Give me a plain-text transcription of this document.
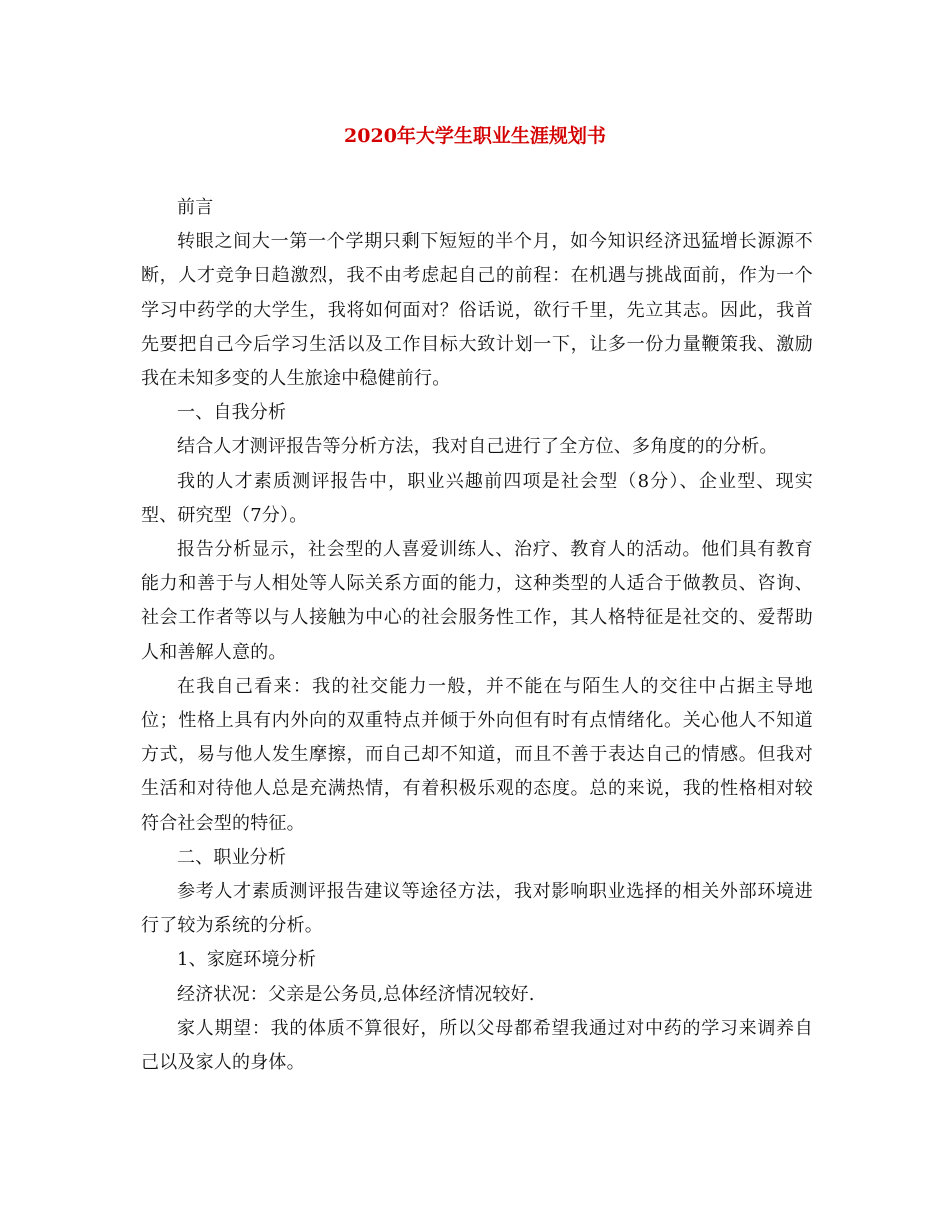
2020年大学生职业生涯规划书

前言

转眼之间大一第一个学期只剩下短短的半个月，如今知识经济迅猛增长源源不断，人才竞争日趋激烈，我不由考虑起自己的前程：在机遇与挑战面前，作为一个学习中药学的大学生，我将如何面对？俗话说，欲行千里，先立其志。因此，我首先要把自己今后学习生活以及工作目标大致计划一下，让多一份力量鞭策我、激励我在未知多变的人生旅途中稳健前行。

一、自我分析

结合人才测评报告等分析方法，我对自己进行了全方位、多角度的的分析。

我的人才素质测评报告中，职业兴趣前四项是社会型（8分）、企业型、现实型、研究型（7分）。

报告分析显示，社会型的人喜爱训练人、治疗、教育人的活动。他们具有教育能力和善于与人相处等人际关系方面的能力，这种类型的人适合于做教员、咨询、社会工作者等以与人接触为中心的社会服务性工作，其人格特征是社交的、爱帮助人和善解人意的。

在我自己看来：我的社交能力一般，并不能在与陌生人的交往中占据主导地位；性格上具有内外向的双重特点并倾于外向但有时有点情绪化。关心他人不知道方式，易与他人发生摩擦，而自己却不知道，而且不善于表达自己的情感。但我对生活和对待他人总是充满热情，有着积极乐观的态度。总的来说，我的性格相对较符合社会型的特征。

二、职业分析

参考人才素质测评报告建议等途径方法，我对影响职业选择的相关外部环境进行了较为系统的分析。

1、家庭环境分析

经济状况：父亲是公务员,总体经济情况较好.

家人期望：我的体质不算很好，所以父母都希望我通过对中药的学习来调养自己以及家人的身体。
